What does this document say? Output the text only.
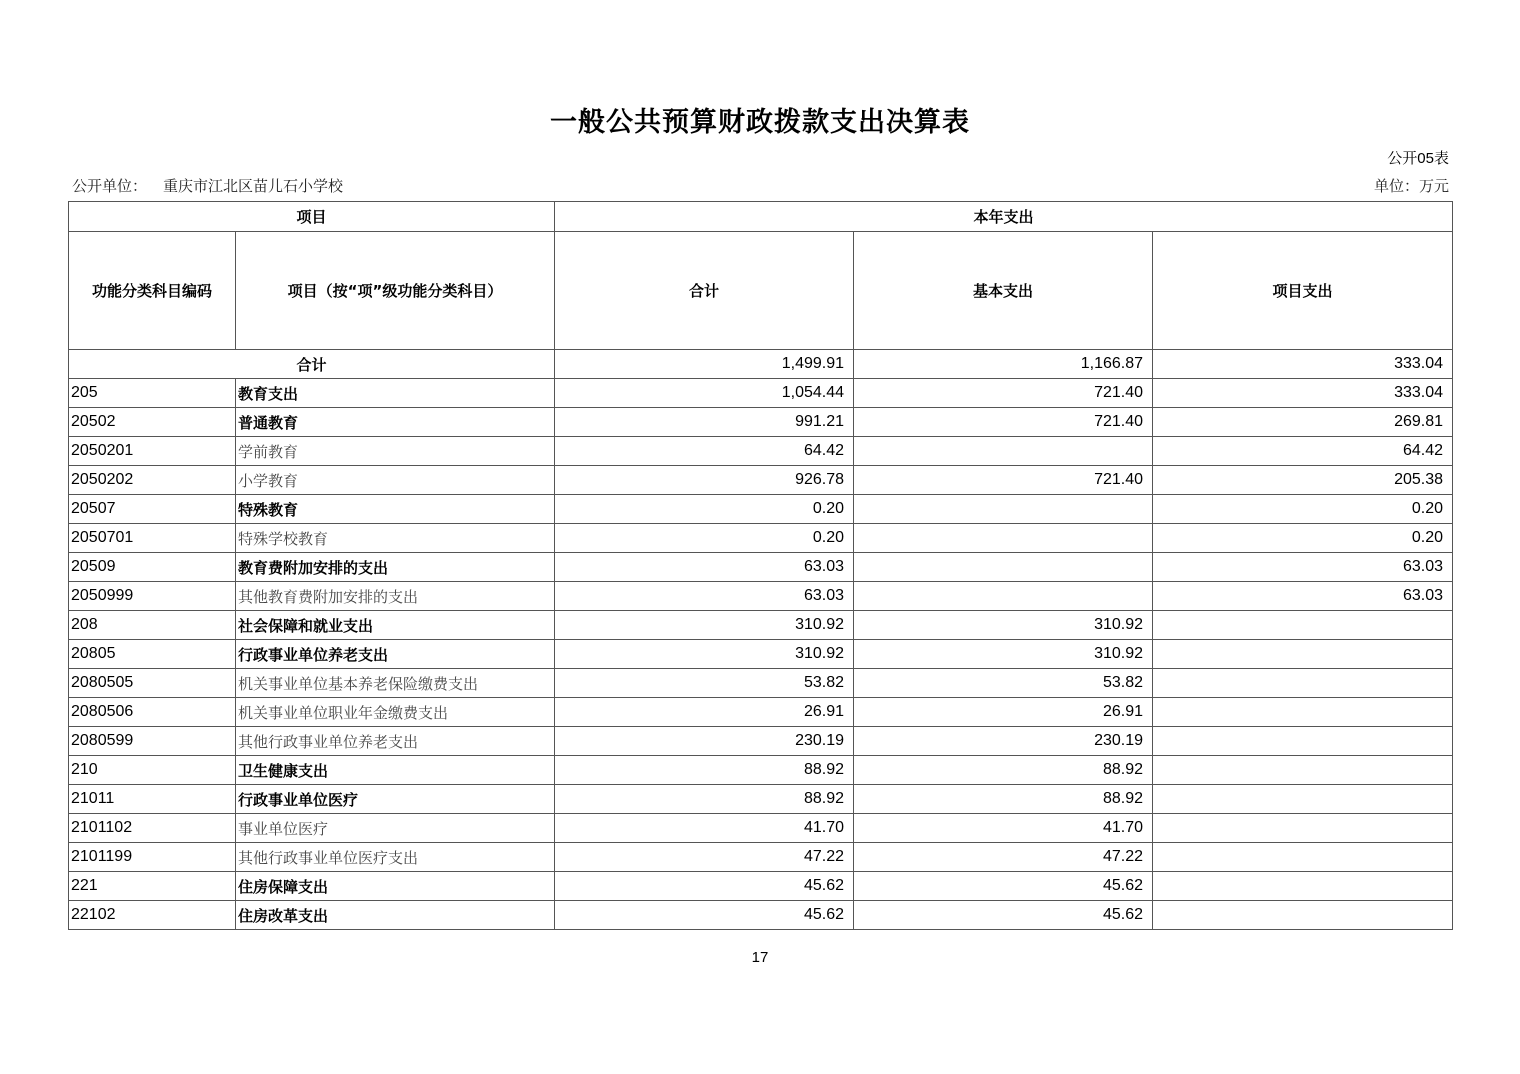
一般公共预算财政拨款支出决算表
公开05表
公开单位： 重庆市江北区苗儿石小学校	单位：万元
项目		本年支出		
功能分类科目编码	项目（按“项”级功能分类科目）	合计	基本支出	项目支出
合计		1,499.91	1,166.87	333.04
205	教育支出	1,054.44	721.40	333.04
20502	普通教育	991.21	721.40	269.81
2050201	学前教育	64.42		64.42
2050202	小学教育	926.78	721.40	205.38
20507	特殊教育	0.20		0.20
2050701	特殊学校教育	0.20		0.20
20509	教育费附加安排的支出	63.03		63.03
2050999	其他教育费附加安排的支出	63.03		63.03
208	社会保障和就业支出	310.92	310.92	
20805	行政事业单位养老支出	310.92	310.92	
2080505	机关事业单位基本养老保险缴费支出	53.82	53.82	
2080506	机关事业单位职业年金缴费支出	26.91	26.91	
2080599	其他行政事业单位养老支出	230.19	230.19	
210	卫生健康支出	88.92	88.92	
21011	行政事业单位医疗	88.92	88.92	
2101102	事业单位医疗	41.70	41.70	
2101199	其他行政事业单位医疗支出	47.22	47.22	
221	住房保障支出	45.62	45.62	
22102	住房改革支出	45.62	45.62	
17
